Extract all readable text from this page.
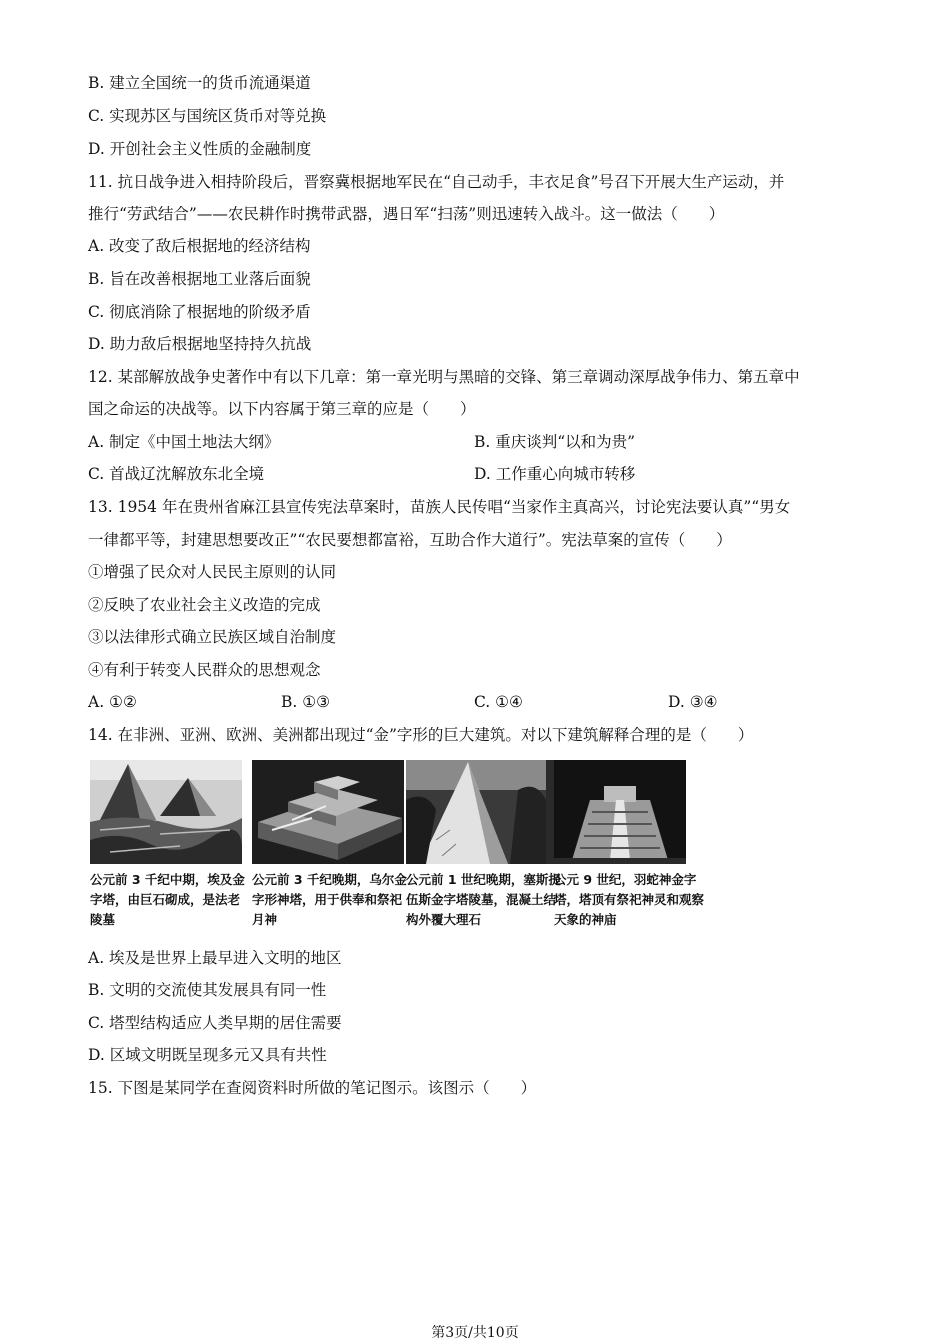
B. 建立全国统一的货币流通渠道
C. 实现苏区与国统区货币对等兑换
D. 开创社会主义性质的金融制度
11. 抗日战争进入相持阶段后，晋察冀根据地军民在“自己动手，丰衣足食”号召下开展大生产运动，并
推行“劳武结合”——农民耕作时携带武器，遇日军“扫荡”则迅速转入战斗。这一做法（　　）
A. 改变了敌后根据地的经济结构
B. 旨在改善根据地工业落后面貌
C. 彻底消除了根据地的阶级矛盾
D. 助力敌后根据地坚持持久抗战
12. 某部解放战争史著作中有以下几章：第一章光明与黑暗的交锋、第三章调动深厚战争伟力、第五章中
国之命运的决战等。以下内容属于第三章的应是（　　）
A. 制定《中国土地法大纲》	B. 重庆谈判“以和为贵”
C. 首战辽沈解放东北全境	D. 工作重心向城市转移
13. 1954 年在贵州省麻江县宣传宪法草案时，苗族人民传唱“当家作主真高兴，讨论宪法要认真”“男女
一律都平等，封建思想要改正”“农民要想都富裕，互助合作大道行”。宪法草案的宣传（　　）
①增强了民众对人民民主原则的认同
②反映了农业社会主义改造的完成
③以法律形式确立民族区域自治制度
④有利于转变人民群众的思想观念
A. ①②	B. ①③	C. ①④	D. ③④
14. 在非洲、亚洲、欧洲、美洲都出现过“金”字形的巨大建筑。对以下建筑解释合理的是（　　）
公元前 3 千纪中期，埃及金字塔，由巨石砌成，是法老陵墓
公元前 3 千纪晚期，乌尔金字形神塔，用于供奉和祭祀月神
公元前 1 世纪晚期，塞斯提伍斯金字塔陵墓，混凝土结构外覆大理石
公元 9 世纪，羽蛇神金字塔，塔顶有祭祀神灵和观察天象的神庙
A. 埃及是世界上最早进入文明的地区
B. 文明的交流使其发展具有同一性
C. 塔型结构适应人类早期的居住需要
D. 区域文明既呈现多元又具有共性
15. 下图是某同学在查阅资料时所做的笔记图示。该图示（　　）
第3页/共10页
